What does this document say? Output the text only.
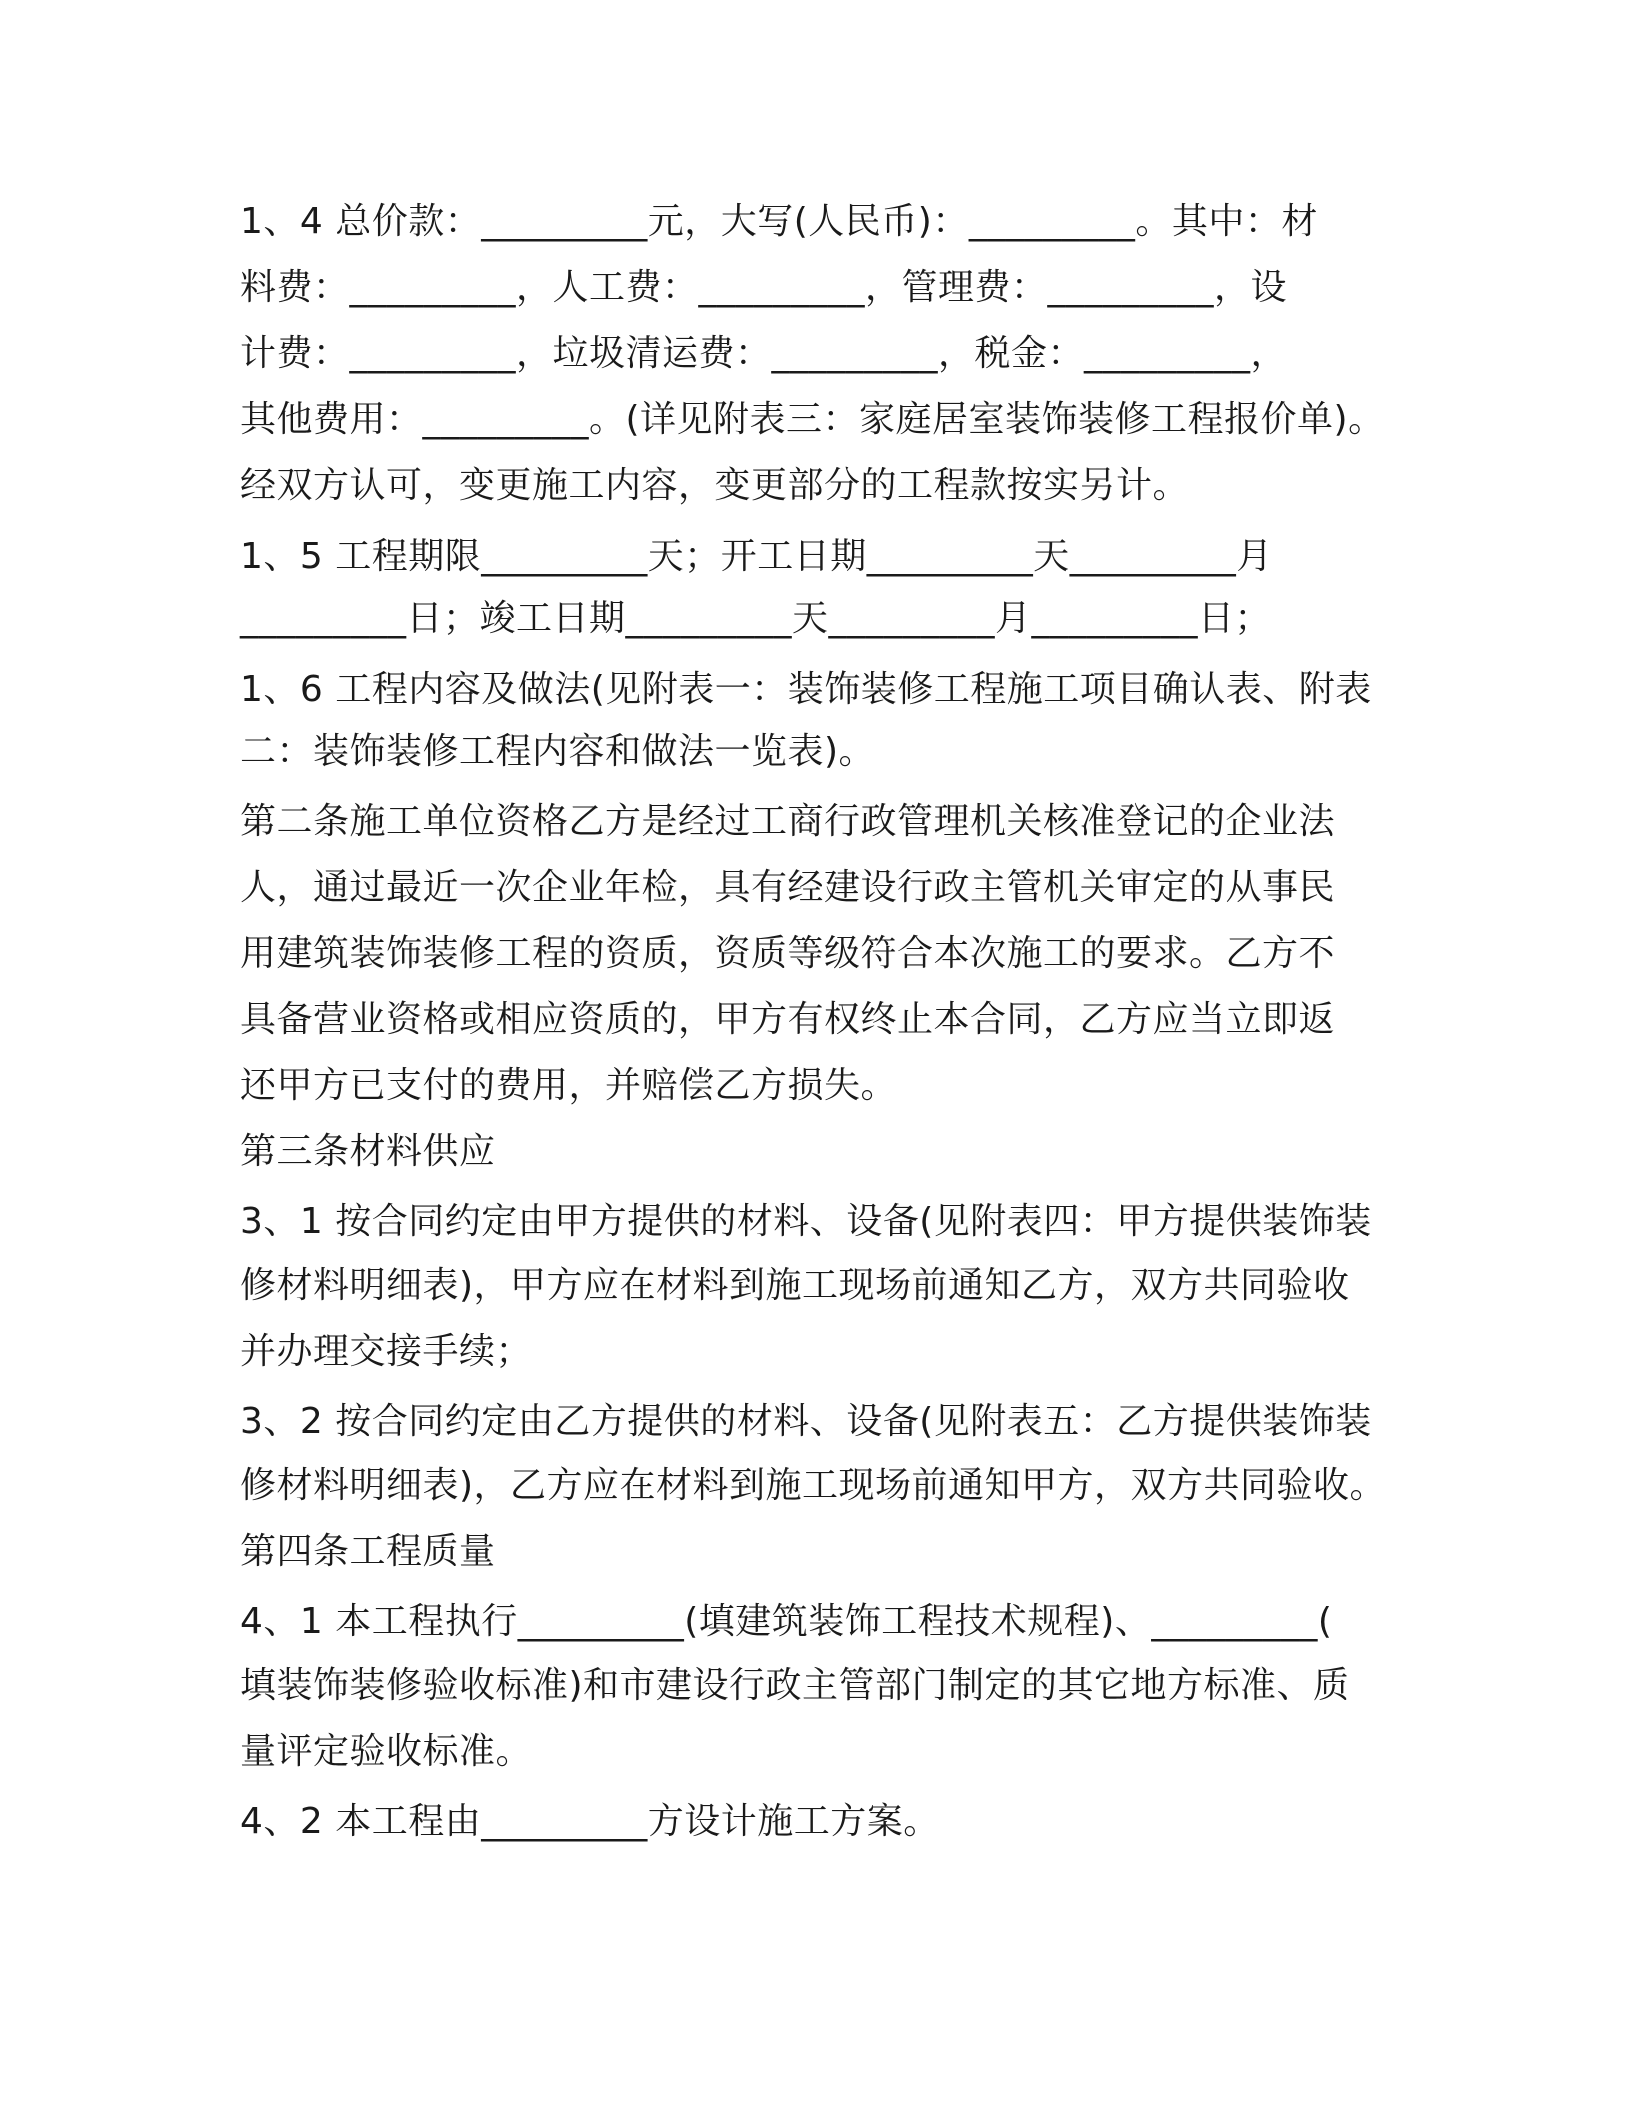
1、4 总价款：_________元，大写(人民币)：_________。其中：材
料费：_________，人工费：_________，管理费：_________，设
计费：_________，垃圾清运费：_________，税金：_________，
其他费用：_________。(详见附表三：家庭居室装饰装修工程报价单)。
经双方认可，变更施工内容，变更部分的工程款按实另计。
1、5 工程期限_________天；开工日期_________天_________月
_________日；竣工日期_________天_________月_________日；
1、6 工程内容及做法(见附表一：装饰装修工程施工项目确认表、附表
二：装饰装修工程内容和做法一览表)。
第二条施工单位资格乙方是经过工商行政管理机关核准登记的企业法
人，通过最近一次企业年检，具有经建设行政主管机关审定的从事民
用建筑装饰装修工程的资质，资质等级符合本次施工的要求。乙方不
具备营业资格或相应资质的，甲方有权终止本合同，乙方应当立即返
还甲方已支付的费用，并赔偿乙方损失。
第三条材料供应
3、1 按合同约定由甲方提供的材料、设备(见附表四：甲方提供装饰装
修材料明细表)，甲方应在材料到施工现场前通知乙方，双方共同验收
并办理交接手续；
3、2 按合同约定由乙方提供的材料、设备(见附表五：乙方提供装饰装
修材料明细表)，乙方应在材料到施工现场前通知甲方，双方共同验收。
第四条工程质量
4、1 本工程执行_________(填建筑装饰工程技术规程)、_________(
填装饰装修验收标准)和市建设行政主管部门制定的其它地方标准、质
量评定验收标准。
4、2 本工程由_________方设计施工方案。
